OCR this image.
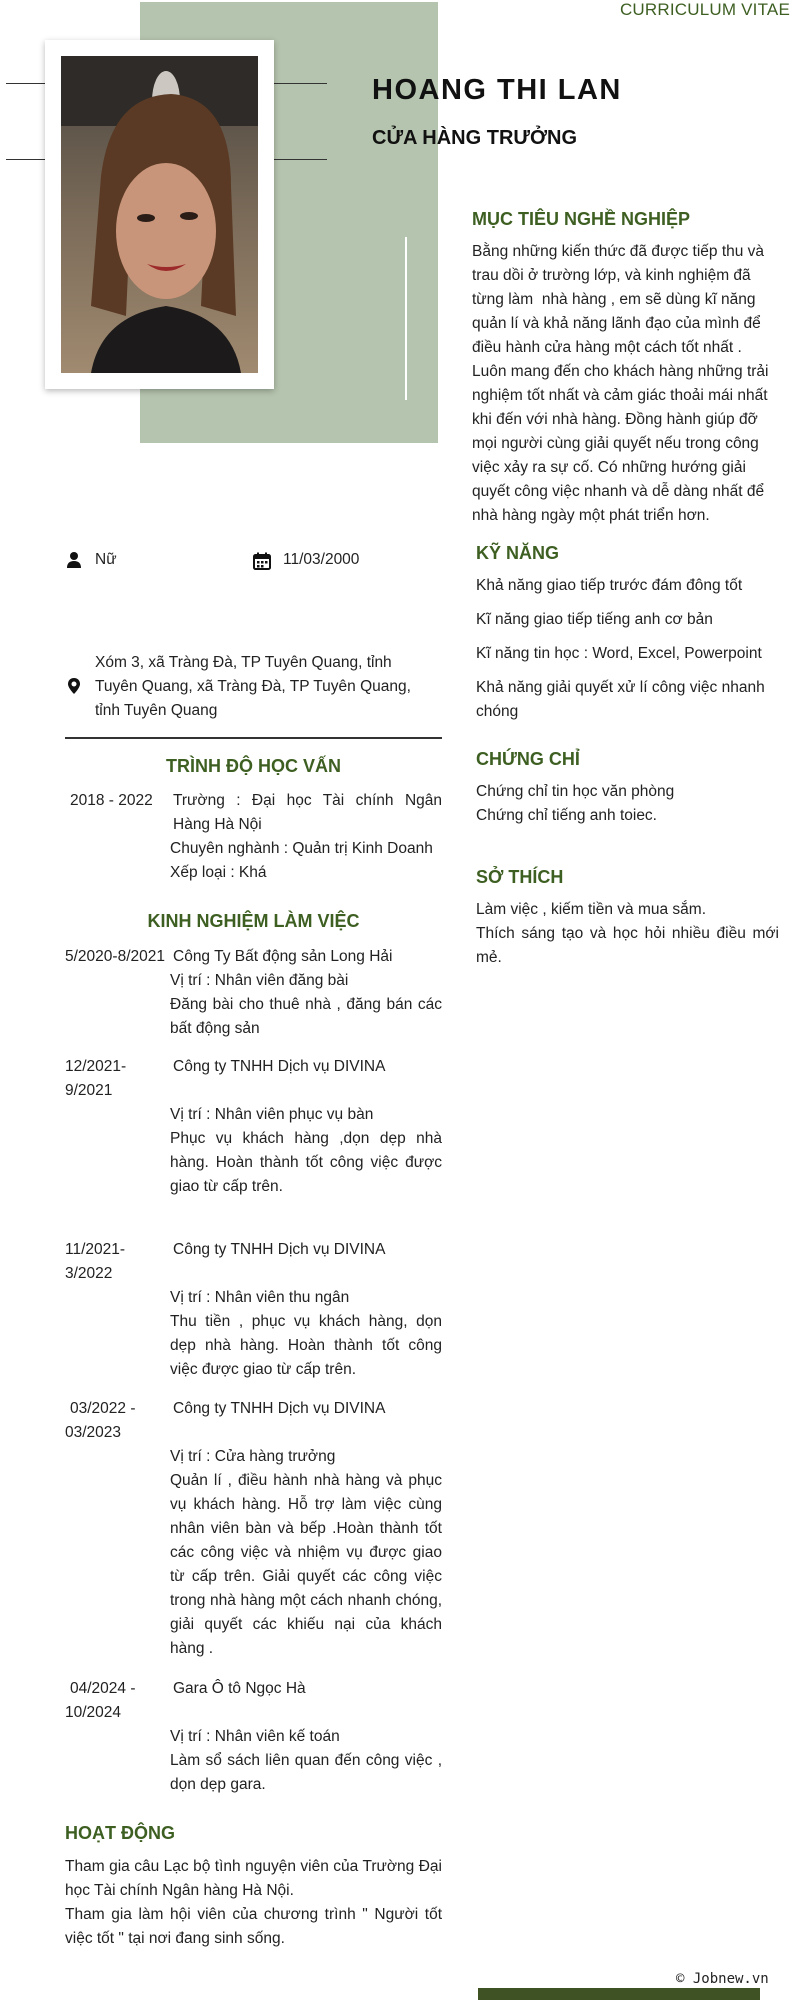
CURRICULUM VITAE
HOANG THI LAN
CỬA HÀNG TRƯỞNG
MỤC TIÊU NGHỀ NGHIỆP
Bằng những kiến thức đã được tiếp thu và
trau dồi ở trường lớp, và kinh nghiệm đã
từng làm  nhà hàng , em sẽ dùng kĩ năng
quản lí và khả năng lãnh đạo của mình để
điều hành cửa hàng một cách tốt nhất .
Luôn mang đến cho khách hàng những trải
nghiệm tốt nhất và cảm giác thoải mái nhất
khi đến với nhà hàng. Đồng hành giúp đỡ
mọi người cùng giải quyết nếu trong công
việc xảy ra sự cố. Có những hướng giải
quyết công việc nhanh và dễ dàng nhất để
nhà hàng ngày một phát triển hơn.
KỸ NĂNG
Khả năng giao tiếp trước đám đông tốt
Kĩ năng giao tiếp tiếng anh cơ bản
Kĩ năng tin học : Word, Excel, Powerpoint
Khả năng giải quyết xử lí công việc nhanh chóng
CHỨNG CHỈ
Chứng chỉ tin học văn phòng
Chứng chỉ tiếng anh toiec.
SỞ THÍCH
Làm việc , kiếm tiền và mua sắm.
Thích sáng tạo và học hỏi nhiều điều mới mẻ.
Nữ	11/03/2000
Xóm 3, xã Tràng Đà, TP Tuyên Quang, tỉnh
Tuyên Quang, xã Tràng Đà, TP Tuyên Quang,
tỉnh Tuyên Quang
TRÌNH ĐỘ HỌC VẤN
2018 - 2022 Trường : Đại học Tài chính Ngân
Hàng Hà Nội
Chuyên nghành : Quản trị Kinh Doanh
Xếp loại : Khá
KINH NGHIỆM LÀM VIỆC
5/2020-8/2021 Công Ty Bất động sản Long Hải
Vị trí : Nhân viên đăng bài
Đăng bài cho thuê nhà , đăng bán các bất động sản
12/2021-
9/2021
Công ty TNHH Dịch vụ DIVINA
Vị trí : Nhân viên phục vụ bàn
Phục vụ khách hàng ,dọn dẹp nhà hàng. Hoàn thành tốt công việc được giao từ cấp trên.
11/2021-
3/2022
Công ty TNHH Dịch vụ DIVINA
Vị trí : Nhân viên thu ngân
Thu tiền , phục vụ khách hàng, dọn dẹp nhà hàng. Hoàn thành tốt công việc được giao từ cấp trên.
03/2022 -
03/2023
Công ty TNHH Dịch vụ DIVINA
Vị trí : Cửa hàng trưởng
Quản lí , điều hành nhà hàng và phục vụ khách hàng. Hỗ trợ làm việc cùng nhân viên bàn và bếp .Hoàn thành tốt các công việc và nhiệm vụ được giao từ cấp trên. Giải quyết các công việc trong nhà hàng một cách nhanh chóng, giải quyết các khiếu nại của khách hàng .
04/2024 -
10/2024
Gara Ô tô Ngọc Hà
Vị trí : Nhân viên kế toán
Làm sổ sách liên quan đến công việc , dọn dẹp gara.
HOẠT ĐỘNG
Tham gia câu Lạc bộ tình nguyện viên của Trường Đại học Tài chính Ngân hàng Hà Nội.
Tham gia làm hội viên của chương trình " Người tốt việc tốt " tại nơi đang sinh sống.
© Jobnew.vn
